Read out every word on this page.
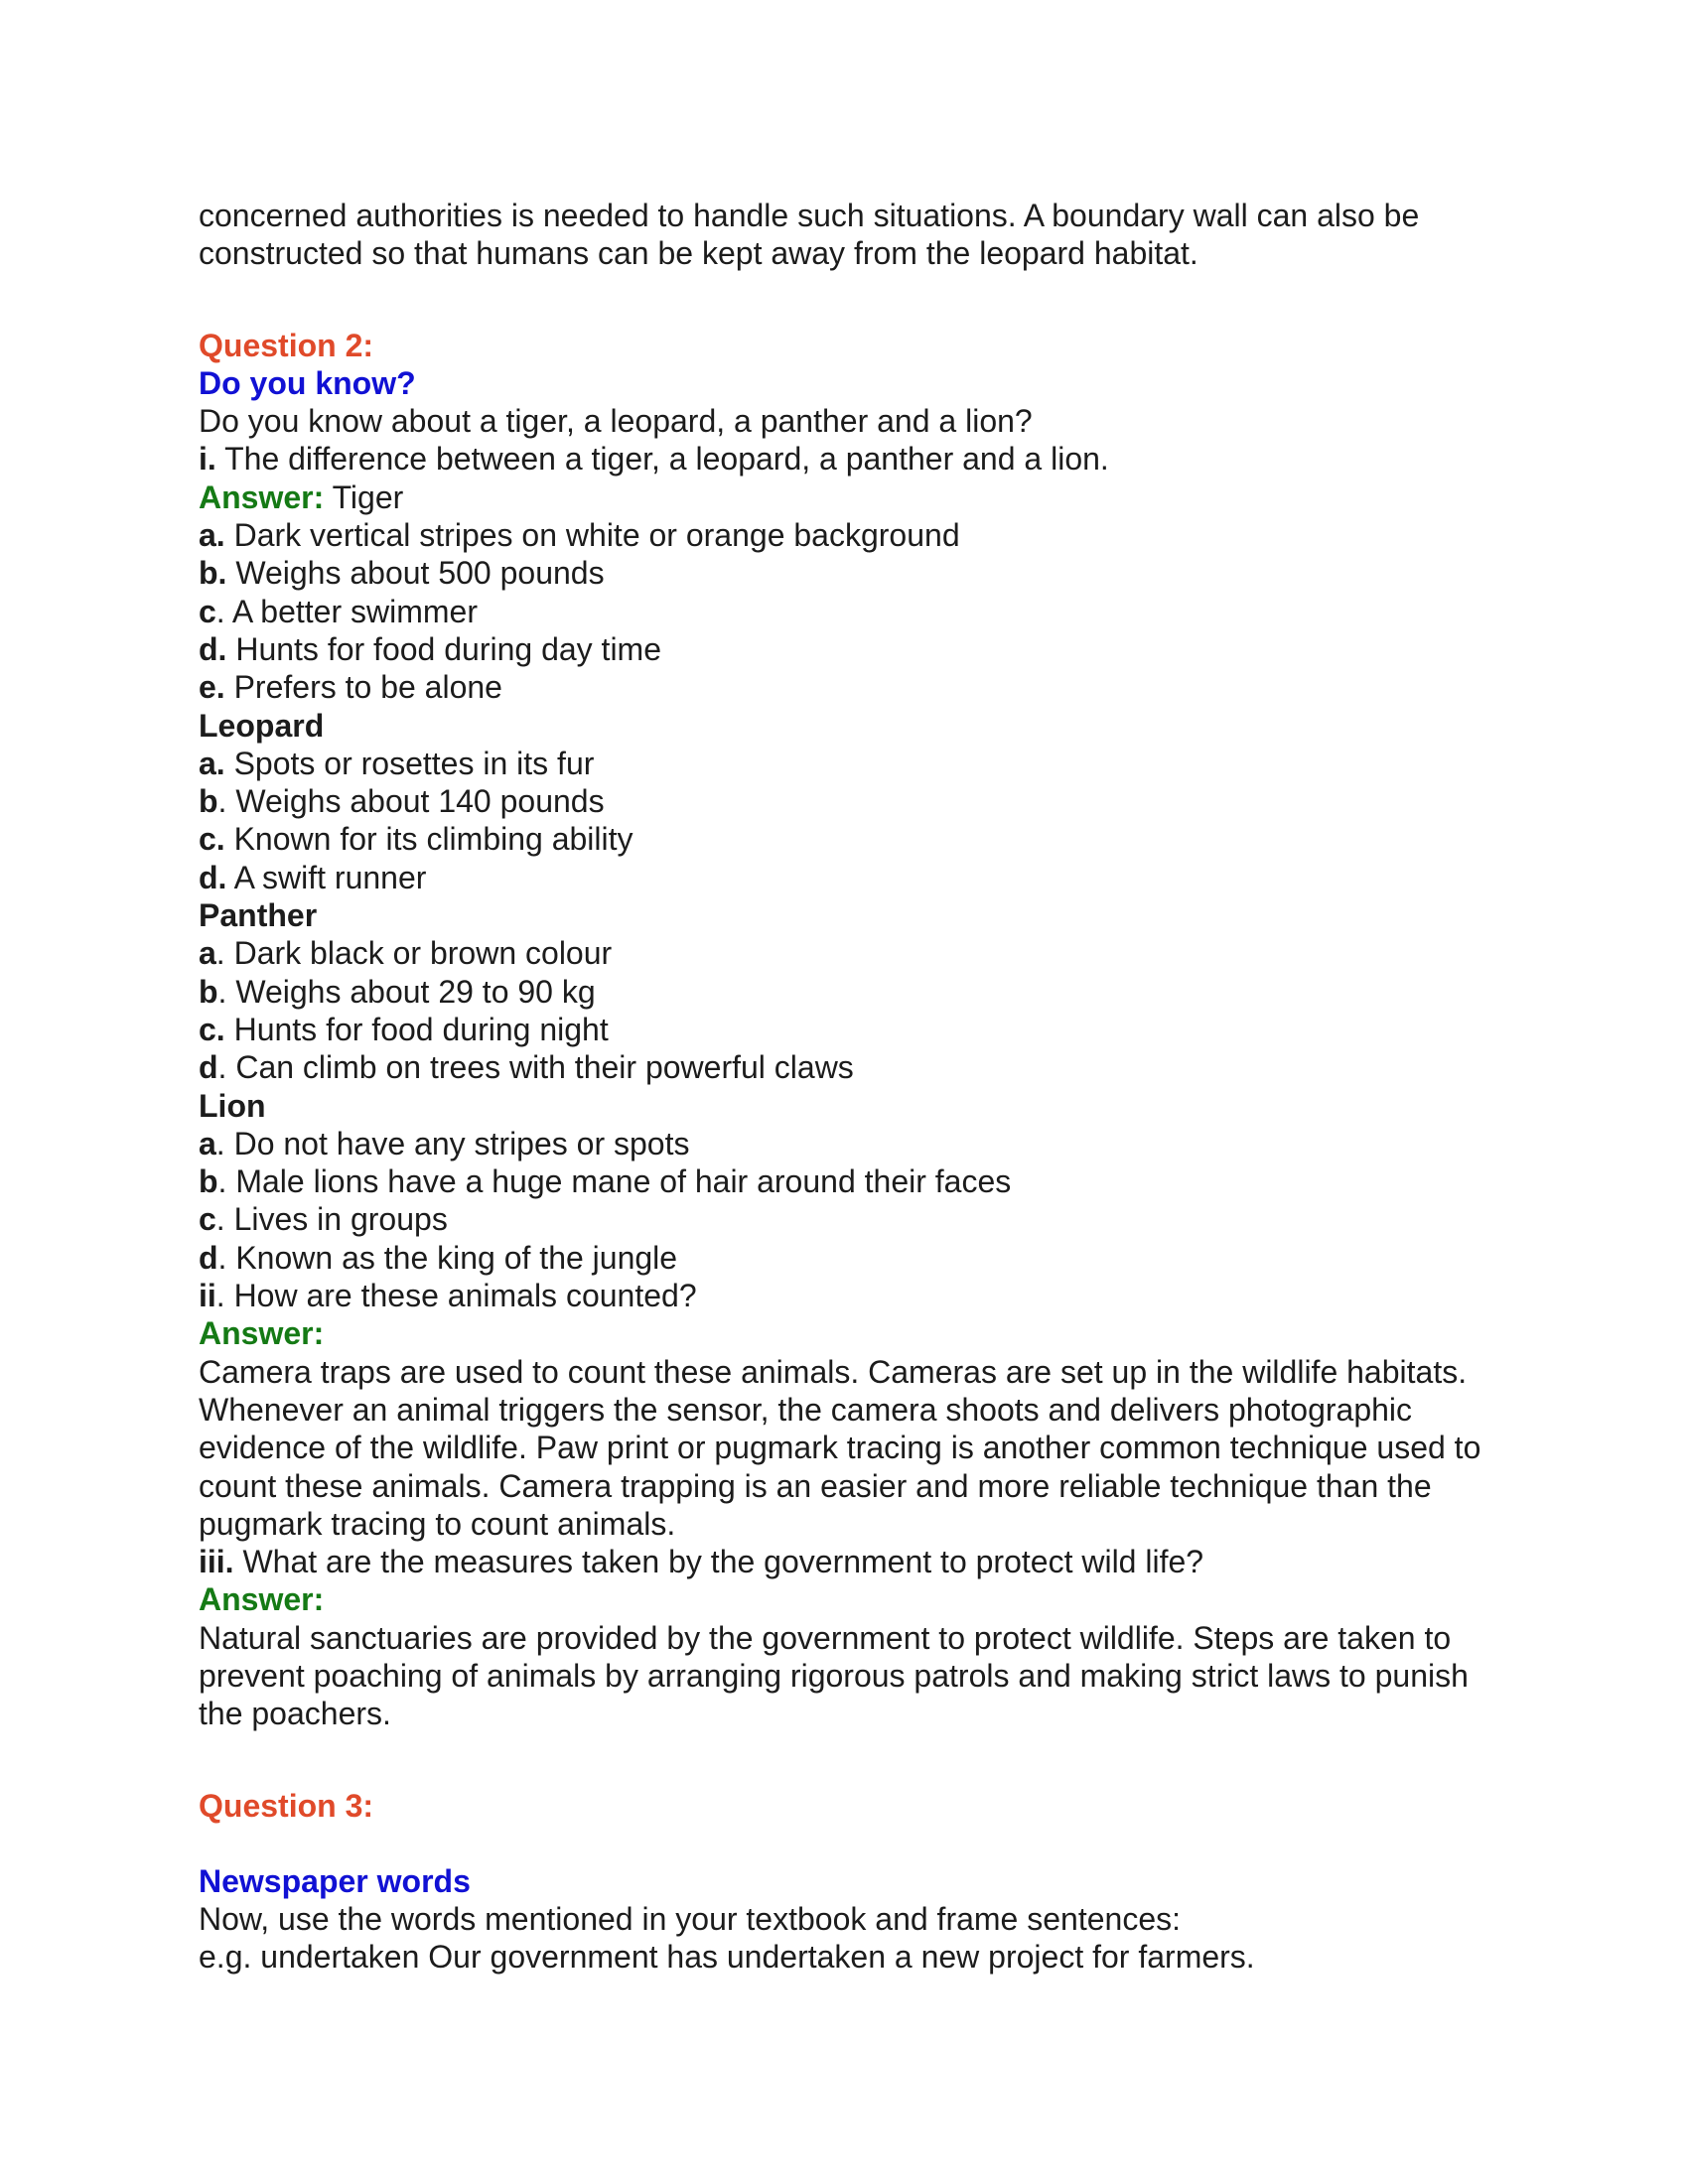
concerned authorities is needed to handle such situations. A boundary wall can also be constructed so that humans can be kept away from the leopard habitat.
Question 2:
Do you know?
Do you know about a tiger, a leopard, a panther and a lion?
i. The difference between a tiger, a leopard, a panther and a lion.
Answer: Tiger
a. Dark vertical stripes on white or orange background
b. Weighs about 500 pounds
c. A better swimmer
d. Hunts for food during day time
e. Prefers to be alone
Leopard
a. Spots or rosettes in its fur
b. Weighs about 140 pounds
c. Known for its climbing ability
d. A swift runner
Panther
a. Dark black or brown colour
b. Weighs about 29 to 90 kg
c. Hunts for food during night
d. Can climb on trees with their powerful claws
Lion
a. Do not have any stripes or spots
b. Male lions have a huge mane of hair around their faces
c. Lives in groups
d. Known as the king of the jungle
ii. How are these animals counted?
Answer:
Camera traps are used to count these animals. Cameras are set up in the wildlife habitats. Whenever an animal triggers the sensor, the camera shoots and delivers photographic evidence of the wildlife. Paw print or pugmark tracing is another common technique used to count these animals. Camera trapping is an easier and more reliable technique than the pugmark tracing to count animals.
iii. What are the measures taken by the government to protect wild life?
Answer:
Natural sanctuaries are provided by the government to protect wildlife. Steps are taken to prevent poaching of animals by arranging rigorous patrols and making strict laws to punish the poachers.
Question 3:
Newspaper words
Now, use the words mentioned in your textbook and frame sentences:
e.g. undertaken Our government has undertaken a new project for farmers.
